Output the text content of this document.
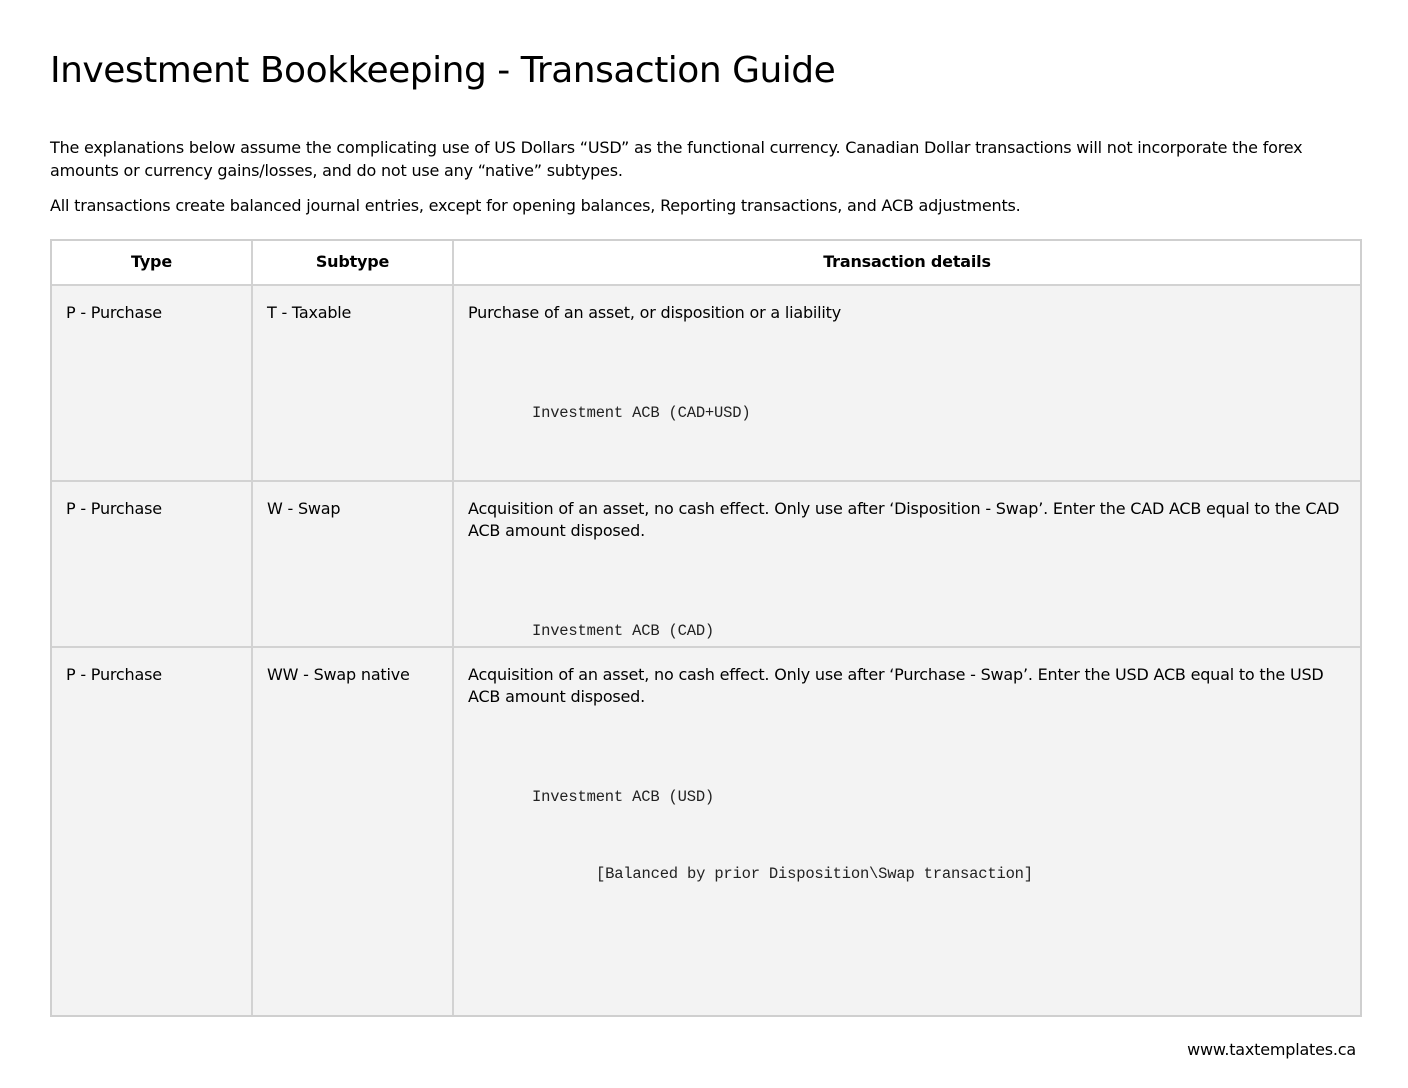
Investment Bookkeeping - Transaction Guide

The explanations below assume the complicating use of US Dollars “USD” as the functional currency. Canadian Dollar transactions will not incorporate the forex amounts or currency gains/losses, and do not use any “native” subtypes.

All transactions create balanced journal entries, except for opening balances, Reporting transactions, and ACB adjustments.

Type	Subtype	Transaction details
P - Purchase	T - Taxable	Purchase of an asset, or disposition or a liability

Investment ACB (CAD+USD)

P - Purchase	W - Swap	Acquisition of an asset, no cash effect. Only use after ‘Disposition - Swap’. Enter the CAD ACB equal to the CAD ACB amount disposed.

Investment ACB (CAD)

P - Purchase	WW - Swap native	Acquisition of an asset, no cash effect. Only use after ‘Purchase - Swap’. Enter the USD ACB equal to the USD ACB amount disposed.

Investment ACB (USD)

[Balanced by prior Disposition\Swap transaction]

www.taxtemplates.ca
